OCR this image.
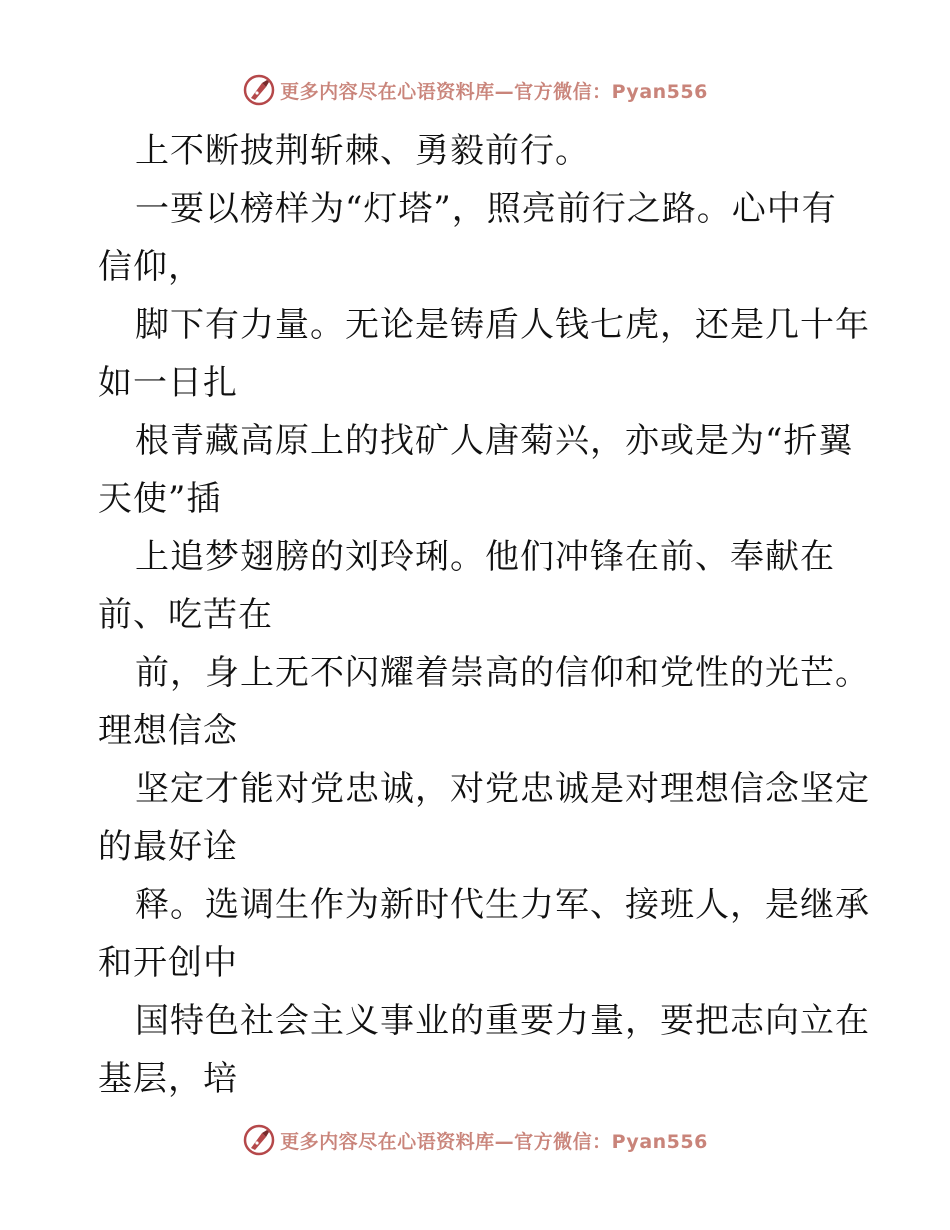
更多内容尽在心语资料库—官方微信：Pyan556
上不断披荆斩棘、勇毅前行。
一要以榜样为“灯塔”，照亮前行之路。心中有
信仰，
脚下有力量。无论是铸盾人钱七虎，还是几十年
如一日扎
根青藏高原上的找矿人唐菊兴，亦或是为“折翼
天使”插
上追梦翅膀的刘玲琍。他们冲锋在前、奉献在
前、吃苦在
前，身上无不闪耀着崇高的信仰和党性的光芒。
理想信念
坚定才能对党忠诚，对党忠诚是对理想信念坚定
的最好诠
释。选调生作为新时代生力军、接班人，是继承
和开创中
国特色社会主义事业的重要力量，要把志向立在
基层，培
更多内容尽在心语资料库—官方微信：Pyan556
